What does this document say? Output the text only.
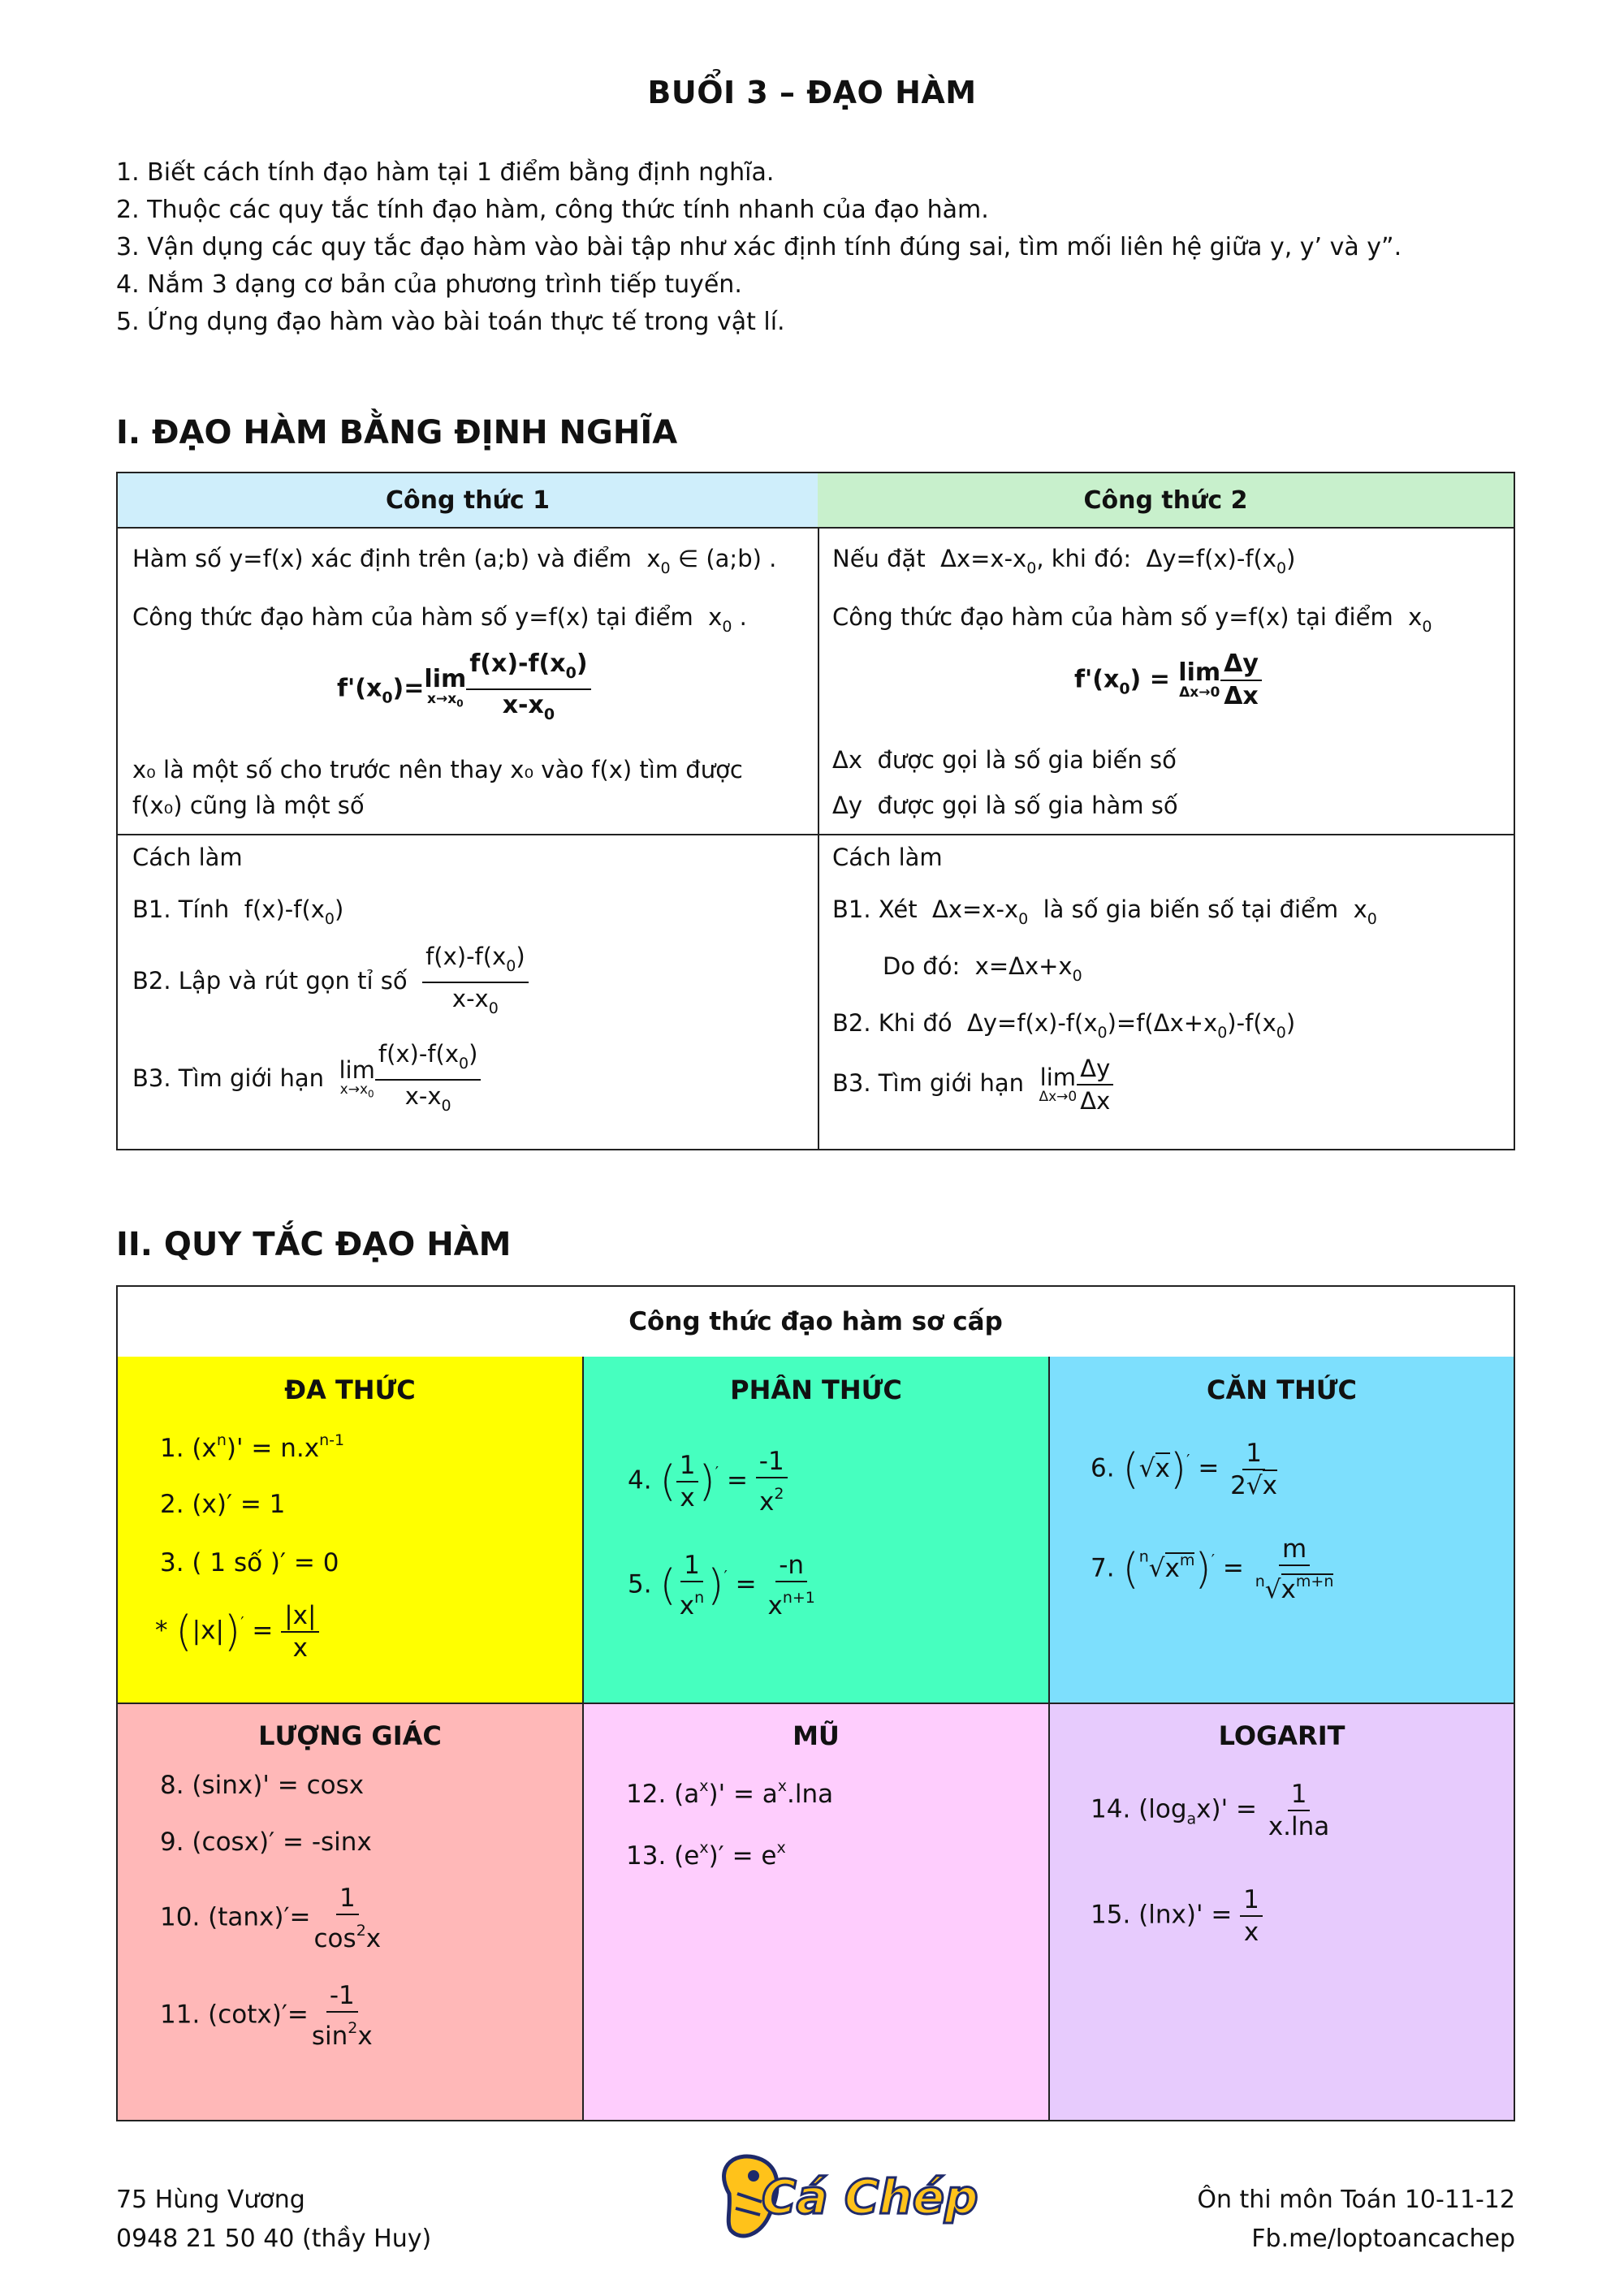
BUỔI 3 – ĐẠO HÀM
1. Biết cách tính đạo hàm tại 1 điểm bằng định nghĩa.
2. Thuộc các quy tắc tính đạo hàm, công thức tính nhanh của đạo hàm.
3. Vận dụng các quy tắc đạo hàm vào bài tập như xác định tính đúng sai, tìm mối liên hệ giữa y, y’ và y”.
4. Nắm 3 dạng cơ bản của phương trình tiếp tuyến.
5. Ứng dụng đạo hàm vào bài toán thực tế trong vật lí.
I. ĐẠO HÀM BẰNG ĐỊNH NGHĨA
Công thức 1
Hàm số y=f(x) xác định trên (a;b) và điểm  $x_0$ ∈ (a;b) .
Công thức đạo hàm của hàm số y=f(x) tại điểm  $x_0$ .
$f'(x_0)= \lim$
$x\to x_0 \frac{f(x)-f(x_0)}{x-x_0}$
x₀ là một số cho trước nên thay x₀ vào f(x) tìm được
f(x₀) cũng là một số
Cách làm
B1. Tính  $f(x)-f(x_0)$
B2. Lập và rút gọn tỉ số $\frac{f(x)-f(x_0)}{x-x_0}$
B3. Tìm giới hạn lim
$x\to x_0 \frac{f(x)-f(x_0)}{x-x_0}$
Công thức 2
Nếu đặt  $\Delta x=x-x_0$, khi đó:  $\Delta y=f(x)-f(x_0)$
Công thức đạo hàm của hàm số y=f(x) tại điểm  $x_0$
$f'(x_0) = \lim$
$\Delta x\to 0 \frac{\Delta y}{\Delta x}$
Δx  được gọi là số gia biến số
Δy  được gọi là số gia hàm số
Cách làm
B1. Xét  $\Delta x=x-x_0$ là số gia biến số tại điểm  $x_0$
Do đó:  $x=\Delta x+x_0$
B2. Khi đó  $\Delta y=f(x)-f(x_0)=f(\Delta x+x_0)-f(x_0)$
B3. Tìm giới hạn lim
$\Delta x\to 0 \frac{\Delta y}{\Delta x}$
II. QUY TẮC ĐẠO HÀM
Công thức đạo hàm sơ cấp
ĐA THỨC
1. $(x^n)' = n.x^{n-1}$
2. (x)′ = 1
3. ( 1 số )′ = 0
* $(|x|)' = \frac{|x|}{x}$
PHÂN THỨC
4. ( $\frac{1}{x} )' = \frac{-1}{x^2}$
5. ( $\frac{1}{x^n} )' = \frac{-n}{x^{n+1}}$
CĂN THỨC
6. $(√x)' = \frac{1}{2√x}$
7. $(^n√x^m)' = \frac{m}{^n√x^{m+n}}$
LƯỢNG GIÁC
8. (sinx)' = cosx
9. (cosx)′ = -sinx
10. $(\tan x)'= \frac{1}{\cos^2x}$
11. $(\cot x)'= \frac{-1}{\sin^2x}$
MŨ
12. $(a^x)' = a^x.\ln a$
13. $(e^x)' = e^x$
LOGARIT
14. $(\log_ax)' = \frac{1}{x.\ln a}$
15. $(\ln x)' = \frac{1}{x}$
75 Hùng Vương
0948 21 50 40 (thầy Huy)
Cá Chép	Ôn thi môn Toán 10-11-12
Fb.me/loptoancachep
